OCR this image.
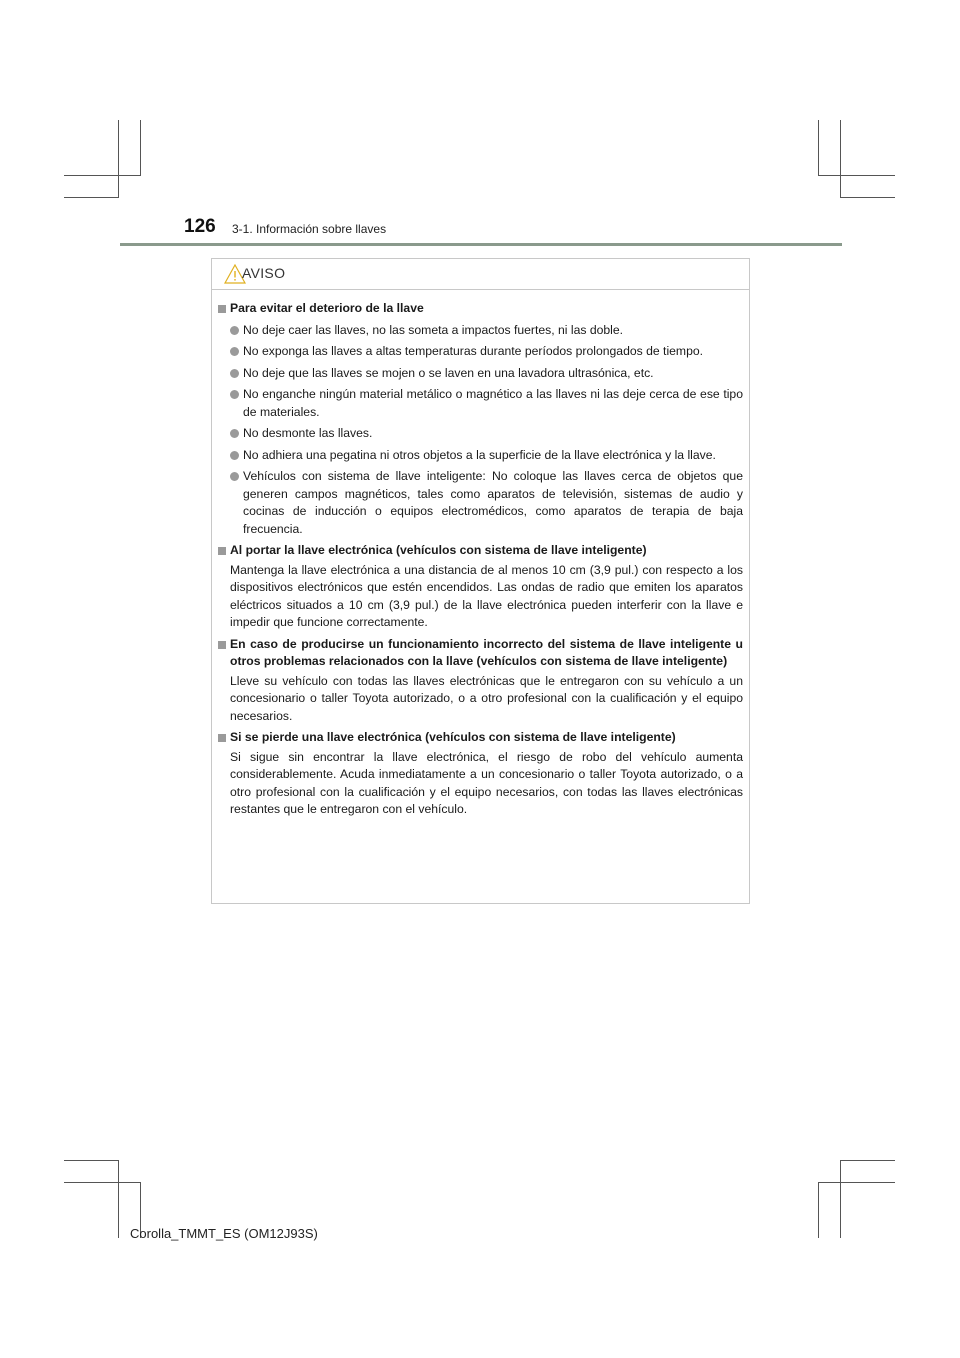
126 3-1. Información sobre llaves
AVISO
Para evitar el deterioro de la llave
No deje caer las llaves, no las someta a impactos fuertes, ni las doble.
No exponga las llaves a altas temperaturas durante períodos prolongados de tiempo.
No deje que las llaves se mojen o se laven en una lavadora ultrasónica, etc.
No enganche ningún material metálico o magnético a las llaves ni las deje cerca de ese tipo de materiales.
No desmonte las llaves.
No adhiera una pegatina ni otros objetos a la superficie de la llave electrónica y la llave.
Vehículos con sistema de llave inteligente: No coloque las llaves cerca de objetos que generen campos magnéticos, tales como aparatos de televisión, sistemas de audio y cocinas de inducción o equipos electromédicos, como aparatos de terapia de baja frecuencia.
Al portar la llave electrónica (vehículos con sistema de llave inteligente)
Mantenga la llave electrónica a una distancia de al menos 10 cm (3,9 pul.) con respecto a los dispositivos electrónicos que estén encendidos. Las ondas de radio que emiten los aparatos eléctricos situados a 10 cm (3,9 pul.) de la llave electrónica pueden interferir con la llave e impedir que funcione correctamente.
En caso de producirse un funcionamiento incorrecto del sistema de llave inteligente u otros problemas relacionados con la llave (vehículos con sistema de llave inteligente)
Lleve su vehículo con todas las llaves electrónicas que le entregaron con su vehículo a un concesionario o taller Toyota autorizado, o a otro profesional con la cualificación y el equipo necesarios.
Si se pierde una llave electrónica (vehículos con sistema de llave inteligente)
Si sigue sin encontrar la llave electrónica, el riesgo de robo del vehículo aumenta considerablemente. Acuda inmediatamente a un concesionario o taller Toyota autorizado, o a otro profesional con la cualificación y el equipo necesarios, con todas las llaves electrónicas restantes que le entregaron con el vehículo.
Corolla_TMMT_ES (OM12J93S)
